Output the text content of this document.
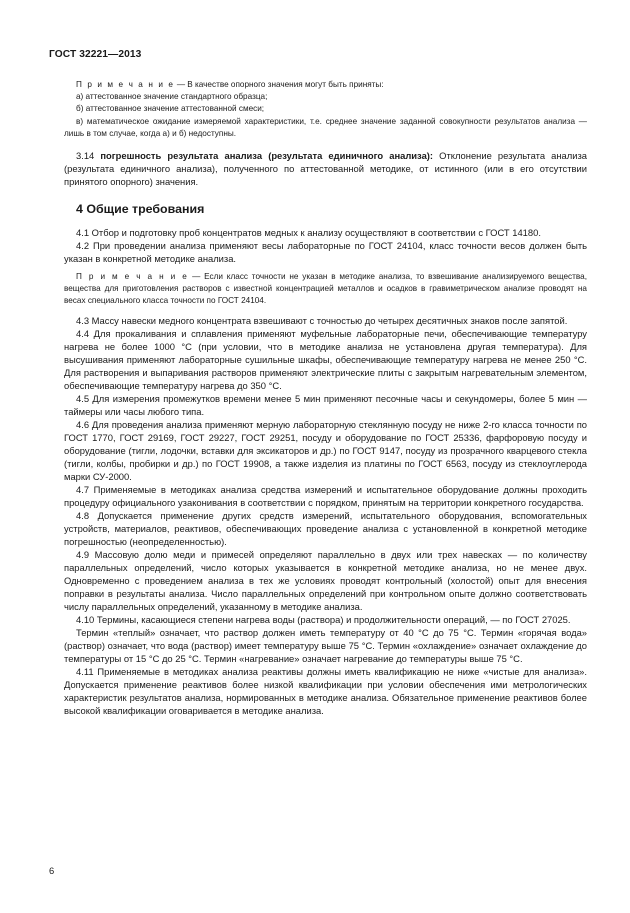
ГОСТ 32221—2013

П р и м е ч а н и е — В качестве опорного значения могут быть приняты:

а) аттестованное значение стандартного образца;

б) аттестованное значение аттестованной смеси;

в) математическое ожидание измеряемой характеристики, т.е. среднее значение заданной совокупности результатов анализа — лишь в том случае, когда а) и б) недоступны.

3.14 погрешность результата анализа (результата единичного анализа): Отклонение результата анализа (результата единичного анализа), полученного по аттестованной методике, от истинного (или в его отсутствии принятого опорного) значения.

4 Общие требования

4.1 Отбор и подготовку проб концентратов медных к анализу осуществляют в соответствии с ГОСТ 14180.

4.2 При проведении анализа применяют весы лабораторные по ГОСТ 24104, класс точности весов должен быть указан в конкретной методике анализа.

П р и м е ч а н и е — Если класс точности не указан в методике анализа, то взвешивание анализируемого вещества, вещества для приготовления растворов с известной концентрацией металлов и осадков в гравиметрическом анализе проводят на весах специального класса точности по ГОСТ 24104.

4.3 Массу навески медного концентрата взвешивают с точностью до четырех десятичных знаков после запятой.

4.4 Для прокаливания и сплавления применяют муфельные лабораторные печи, обеспечивающие температуру нагрева не более 1000 °С (при условии, что в методике анализа не установлена другая температура). Для высушивания применяют лабораторные сушильные шкафы, обеспечивающие температуру нагрева не менее 250 °С. Для растворения и выпаривания растворов применяют электрические плиты с закрытым нагревательным элементом, обеспечивающие температуру нагрева до 350 °С.

4.5 Для измерения промежутков времени менее 5 мин применяют песочные часы и секундомеры, более 5 мин — таймеры или часы любого типа.

4.6 Для проведения анализа применяют мерную лабораторную стеклянную посуду не ниже 2-го класса точности по ГОСТ 1770, ГОСТ 29169, ГОСТ 29227, ГОСТ 29251, посуду и оборудование по ГОСТ 25336, фарфоровую посуду и оборудование (тигли, лодочки, вставки для эксикаторов и др.) по ГОСТ 9147, посуду из прозрачного кварцевого стекла (тигли, колбы, пробирки и др.) по ГОСТ 19908, а также изделия из платины по ГОСТ 6563, посуду из стеклоуглерода марки СУ-2000.

4.7 Применяемые в методиках анализа средства измерений и испытательное оборудование должны проходить процедуру официального узаконивания в соответствии с порядком, принятым на территории конкретного государства.

4.8 Допускается применение других средств измерений, испытательного оборудования, вспомогательных устройств, материалов, реактивов, обеспечивающих проведение анализа с установленной в конкретной методике погрешностью (неопределенностью).

4.9 Массовую долю меди и примесей определяют параллельно в двух или трех навесках — по количеству параллельных определений, число которых указывается в конкретной методике анализа, но не менее двух. Одновременно с проведением анализа в тех же условиях проводят контрольный (холостой) опыт для внесения поправки в результаты анализа. Число параллельных определений при контрольном опыте должно соответствовать числу параллельных определений, указанному в методике анализа.

4.10 Термины, касающиеся степени нагрева воды (раствора) и продолжительности операций, — по ГОСТ 27025.

Термин «теплый» означает, что раствор должен иметь температуру от 40 °С до 75 °С. Термин «горячая вода» (раствор) означает, что вода (раствор) имеет температуру выше 75 °С. Термин «охлаждение» означает охлаждение до температуры от 15 °С до 25 °С. Термин «нагревание» означает нагревание до температуры выше 75 °С.

4.11 Применяемые в методиках анализа реактивы должны иметь квалификацию не ниже «чистые для анализа». Допускается применение реактивов более низкой квалификации при условии обеспечения ими метрологических характеристик результатов анализа, нормированных в методике анализа. Обязательное применение реактивов более высокой квалификации оговаривается в методике анализа.

6
